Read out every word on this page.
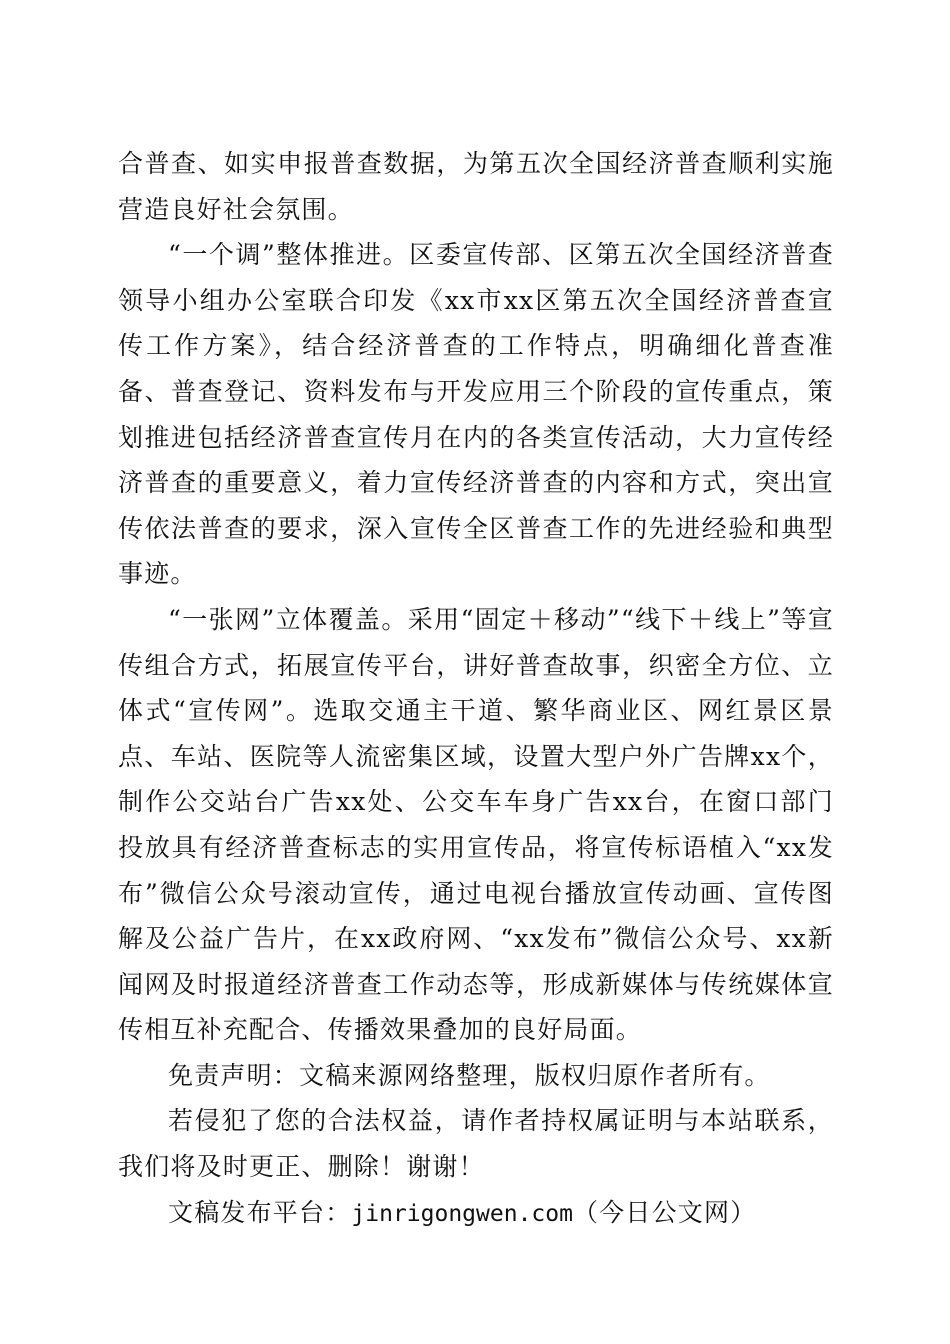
合普查、如实申报普查数据，为第五次全国经济普查顺利实施营造良好社会氛围。

“一个调”整体推进。区委宣传部、区第五次全国经济普查领导小组办公室联合印发《xx市xx区第五次全国经济普查宣传工作方案》，结合经济普查的工作特点，明确细化普查准备、普查登记、资料发布与开发应用三个阶段的宣传重点，策划推进包括经济普查宣传月在内的各类宣传活动，大力宣传经济普查的重要意义，着力宣传经济普查的内容和方式，突出宣传依法普查的要求，深入宣传全区普查工作的先进经验和典型事迹。

“一张网”立体覆盖。采用“固定＋移动”“线下＋线上”等宣传组合方式，拓展宣传平台，讲好普查故事，织密全方位、立体式“宣传网”。选取交通主干道、繁华商业区、网红景区景点、车站、医院等人流密集区域，设置大型户外广告牌xx个，制作公交站台广告xx处、公交车车身广告xx台，在窗口部门投放具有经济普查标志的实用宣传品，将宣传标语植入“xx发布”微信公众号滚动宣传，通过电视台播放宣传动画、宣传图解及公益广告片，在xx政府网、“xx发布”微信公众号、xx新闻网及时报道经济普查工作动态等，形成新媒体与传统媒体宣传相互补充配合、传播效果叠加的良好局面。

免责声明：文稿来源网络整理，版权归原作者所有。

若侵犯了您的合法权益，请作者持权属证明与本站联系，我们将及时更正、删除！谢谢！

文稿发布平台：jinrigongwen.com（今日公文网）
